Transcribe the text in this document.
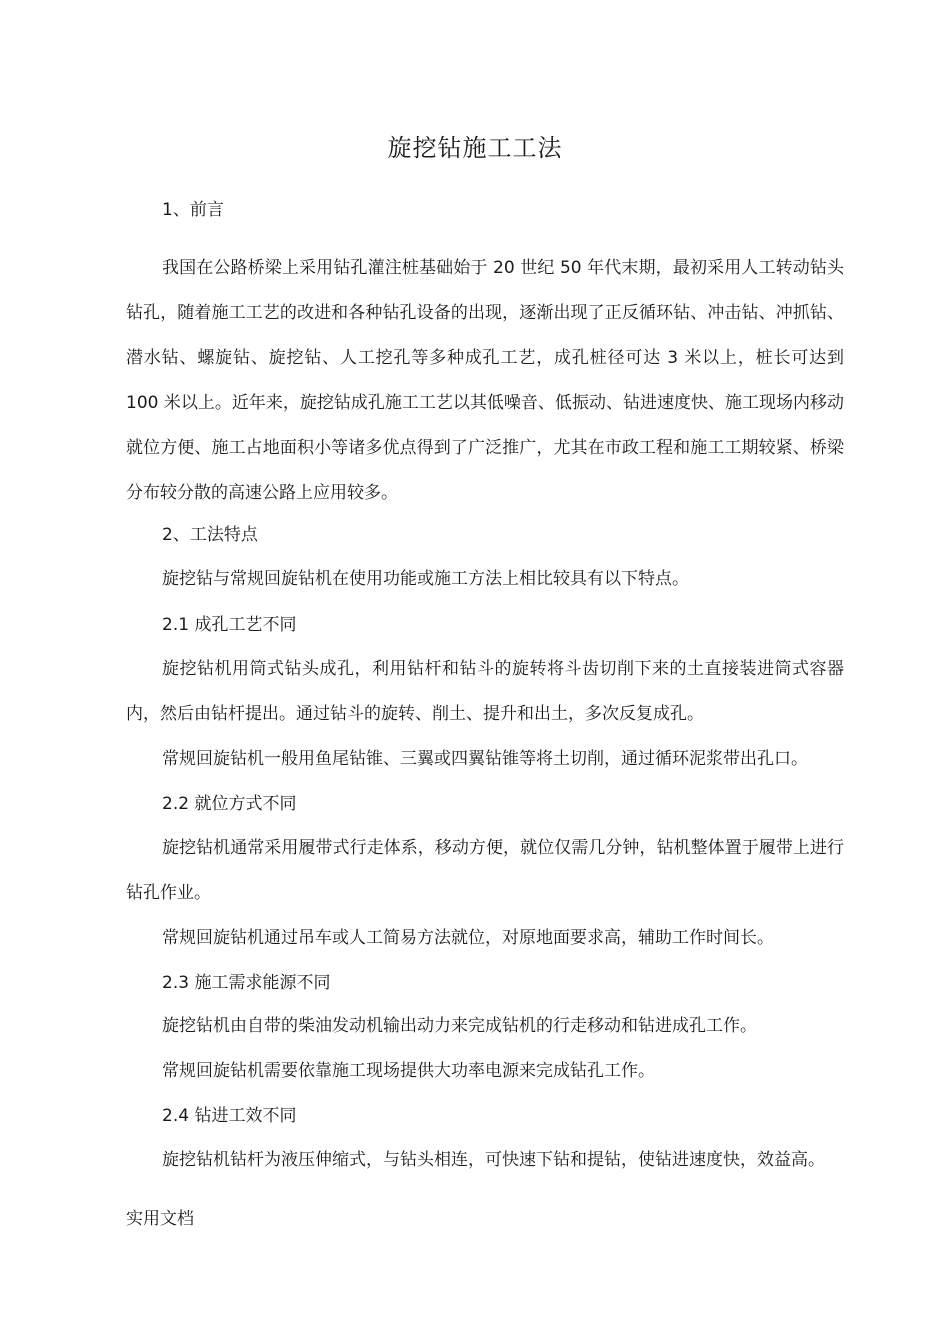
旋挖钻施工工法
1、前言
我国在公路桥梁上采用钻孔灌注桩基础始于 20 世纪 50 年代末期，最初采用人工转动钻头钻孔，随着施工工艺的改进和各种钻孔设备的出现，逐渐出现了正反循环钻、冲击钻、冲抓钻、潜水钻、螺旋钻、旋挖钻、人工挖孔等多种成孔工艺，成孔桩径可达 3 米以上，桩长可达到 100 米以上。近年来，旋挖钻成孔施工工艺以其低噪音、低振动、钻进速度快、施工现场内移动就位方便、施工占地面积小等诸多优点得到了广泛推广，尤其在市政工程和施工工期较紧、桥梁分布较分散的高速公路上应用较多。
2、工法特点
旋挖钻与常规回旋钻机在使用功能或施工方法上相比较具有以下特点。
2.1 成孔工艺不同
旋挖钻机用筒式钻头成孔，利用钻杆和钻斗的旋转将斗齿切削下来的土直接装进筒式容器内，然后由钻杆提出。通过钻斗的旋转、削土、提升和出土，多次反复成孔。
常规回旋钻机一般用鱼尾钻锥、三翼或四翼钻锥等将土切削，通过循环泥浆带出孔口。
2.2 就位方式不同
旋挖钻机通常采用履带式行走体系，移动方便，就位仅需几分钟，钻机整体置于履带上进行钻孔作业。
常规回旋钻机通过吊车或人工简易方法就位，对原地面要求高，辅助工作时间长。
2.3 施工需求能源不同
旋挖钻机由自带的柴油发动机输出动力来完成钻机的行走移动和钻进成孔工作。
常规回旋钻机需要依靠施工现场提供大功率电源来完成钻孔工作。
2.4 钻进工效不同
旋挖钻机钻杆为液压伸缩式，与钻头相连，可快速下钻和提钻，使钻进速度快，效益高。
实用文档
